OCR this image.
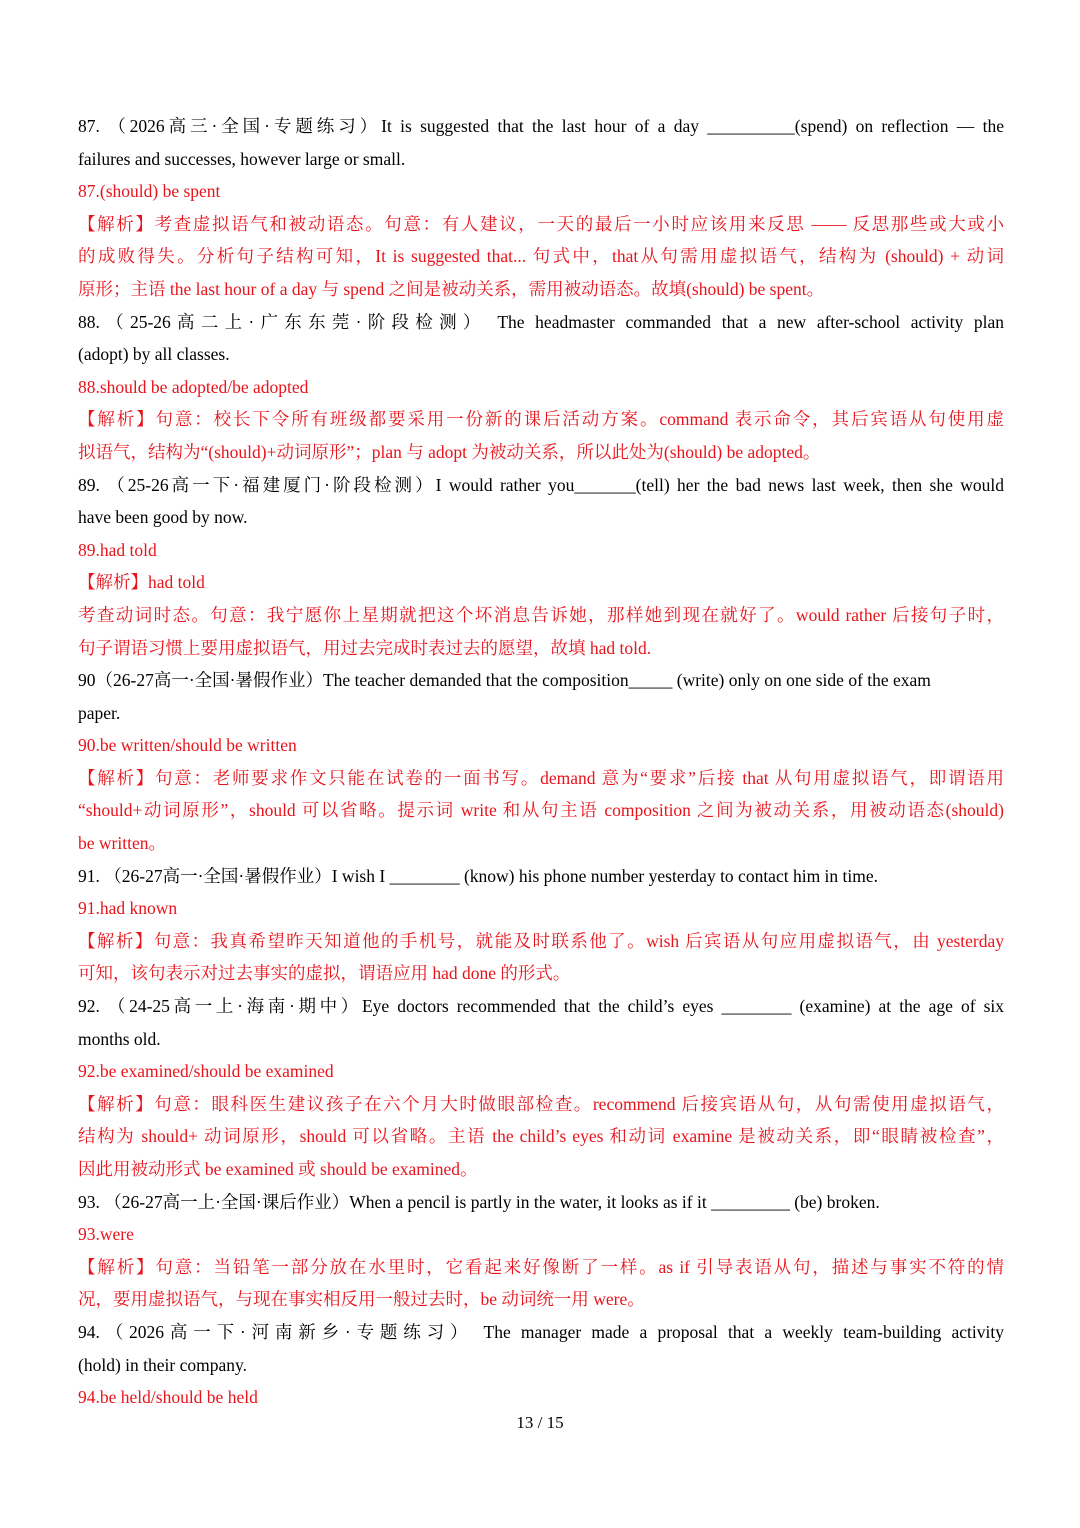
87. （2026高三·全国·专题练习）It is suggested that the last hour of a day __________(spend) on reflection — the
failures and successes, however large or small.
87.(should) be spent
【解析】考查虚拟语气和被动语态。句意：有人建议，一天的最后一小时应该用来反思 —— 反思那些或大或小
的成败得失。分析句子结构可知，It is suggested that... 句式中，that从句需用虚拟语气，结构为 (should) + 动词
原形；主语 the last hour of a day 与 spend 之间是被动关系，需用被动语态。故填(should) be spent。
88.（25-26高二上·广东东莞·阶段检测） The headmaster commanded that a new after-school activity plan
(adopt) by all classes.
88.should be adopted/be adopted
【解析】句意：校长下令所有班级都要采用一份新的课后活动方案。command 表示命令，其后宾语从句使用虚
拟语气，结构为“(should)+动词原形”；plan 与 adopt 为被动关系，所以此处为(should) be adopted。
89. （25-26高一下·福建厦门·阶段检测）I would rather you_______(tell) her the bad news last week, then she would
have been good by now.
89.had told
【解析】had told
考查动词时态。句意：我宁愿你上星期就把这个坏消息告诉她，那样她到现在就好了。would rather 后接句子时，
句子谓语习惯上要用虚拟语气，用过去完成时表过去的愿望，故填 had told.
90（26-27高一·全国·暑假作业）The teacher demanded that the composition_____ (write) only on one side of the exam
paper.
90.be written/should be written
【解析】句意：老师要求作文只能在试卷的一面书写。demand 意为“要求”后接 that 从句用虚拟语气，即谓语用
“should+动词原形”，should 可以省略。提示词 write 和从句主语 composition 之间为被动关系，用被动语态(should)
be written。
91. （26-27高一·全国·暑假作业）I wish I ________ (know) his phone number yesterday to contact him in time.
91.had known
【解析】句意：我真希望昨天知道他的手机号，就能及时联系他了。wish 后宾语从句应用虚拟语气，由 yesterday
可知，该句表示对过去事实的虚拟，谓语应用 had done 的形式。
92. （24-25高一上·海南·期中）Eye doctors recommended that the child’s eyes ________ (examine) at the age of six
months old.
92.be examined/should be examined
【解析】句意：眼科医生建议孩子在六个月大时做眼部检查。recommend 后接宾语从句，从句需使用虚拟语气，
结构为 should+ 动词原形，should 可以省略。主语 the child’s eyes 和动词 examine 是被动关系，即“眼睛被检查”，
因此用被动形式 be examined 或 should be examined。
93. （26-27高一上·全国·课后作业）When a pencil is partly in the water, it looks as if it _________ (be) broken.
93.were
【解析】句意：当铅笔一部分放在水里时，它看起来好像断了一样。as if 引导表语从句，描述与事实不符的情
况，要用虚拟语气，与现在事实相反用一般过去时，be 动词统一用 were。
94.（2026高一下·河南新乡·专题练习） The manager made a proposal that a weekly team-building activity
(hold) in their company.
94.be held/should be held
13 / 15
